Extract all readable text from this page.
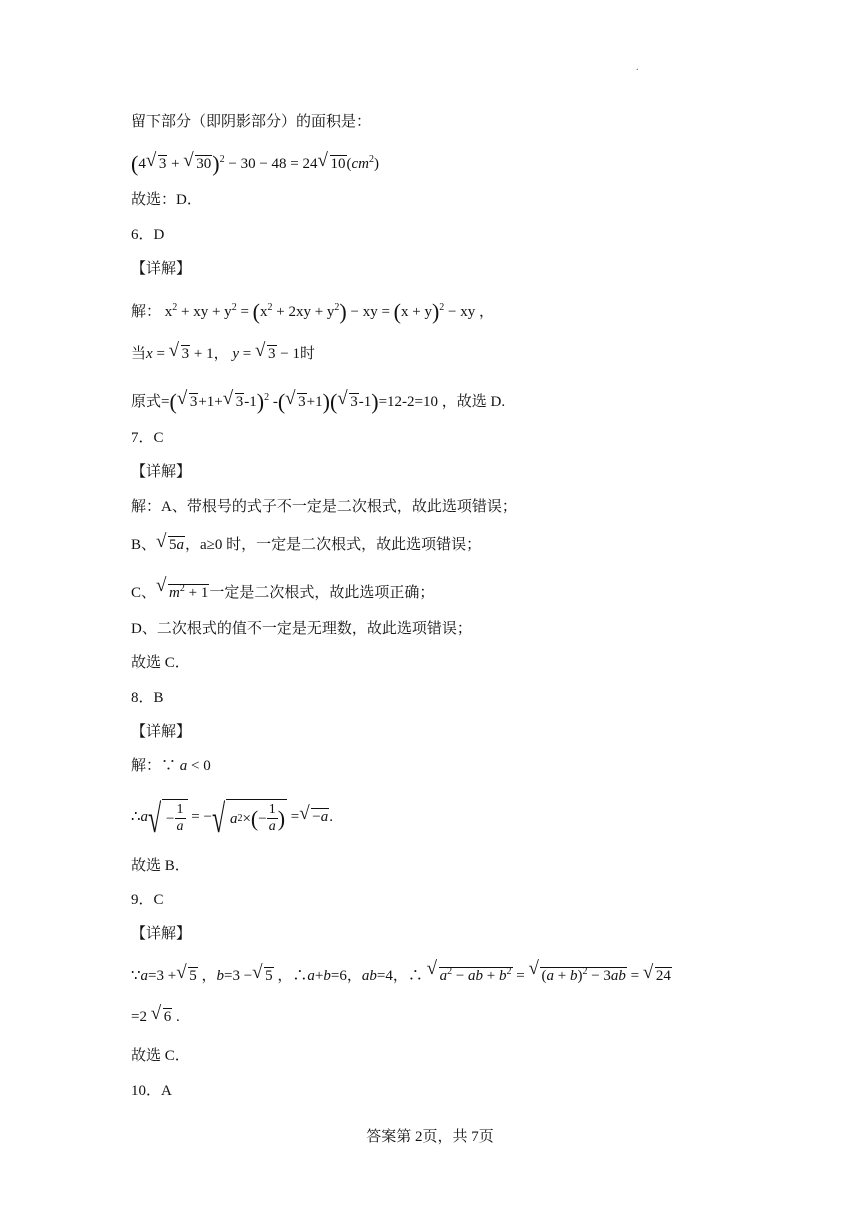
.
留下部分（即阴影部分）的面积是：
(4 √ 3 + √ 30)$^2$ − 30 − 48 = 24 √ $10(cm^2)$
故选：D．
6．D
【详解】
解： $x^2$ + xy + $y^2 = (x^2 + 2xy + y^2)$ − xy = $(x + y)^2$ − xy ，
当x = √ 3 + 1， y = √ 3 − 1时
原式=( √ 3+1+ √ 3-1)$^2$ -( √ 3+1)( √ 3-1)=12-2=10 ，故选 D.
7．C
【详解】
解：A、带根号的式子不一定是二次根式，故此选项错误；
B、 √ 5a，a≥0 时，一定是二次根式，故此选项错误；
C、 √ $m^2 + 1$一定是二次根式，故此选项正确；
D、二次根式的值不一定是无理数，故此选项错误；
故选 C．
8．B
【详解】
解：∵ a < 0
∴ a √ − $\frac{1}{a}$ = − √ a 2 × ( − $\frac{1}{a}$ ) = √ −a .
故选 B．
9．C
【详解】
∵a=3 + √ 5 ，b=3 − √ 5 ，∴a+b=6，ab=4，∴ √ $a^2$ − ab + $b^2$ = √ $(a + b)^2 - 3ab$ = √ 24
=2 √ 6 .
故选 C．
10．A
答案第 2页，共 7页
